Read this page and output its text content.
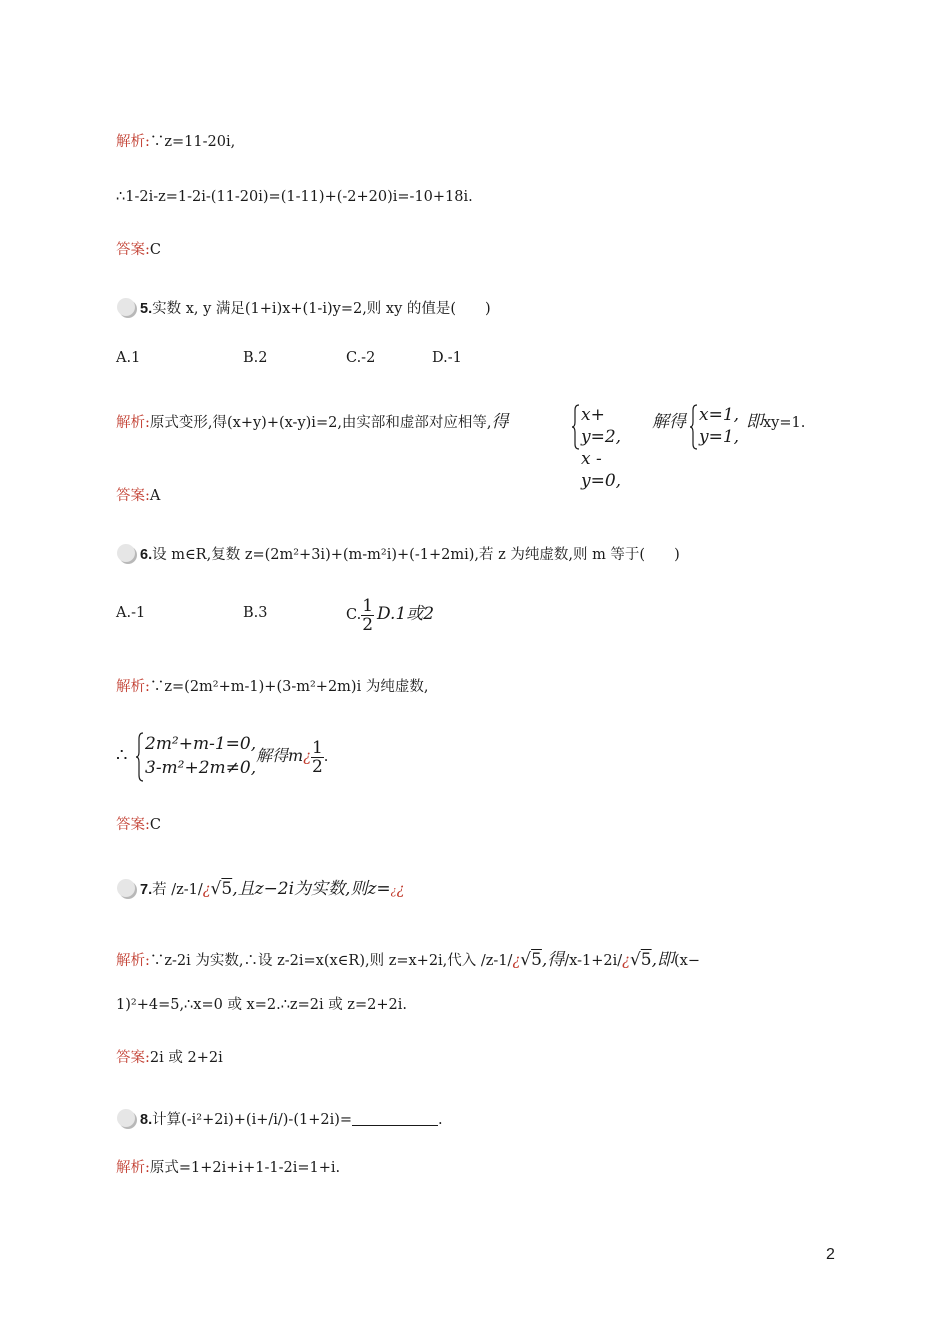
解析:∵z=11-20i,
∴1-2i-z=1-2i-(11-20i)=(1-11)+(-2+20)i=-10+18i.
答案:C
5.实数 x, y 满足(1+i)x+(1-i)y=2,则 xy 的值是(　　)
A.1	B.2	C.-2	D.-1
解析:原式变形,得(x+y)+(x-y)i=2,由实部和虚部对应相等,得	x+ y=2,
x - y=0,
解得 x=1,
y=1,
即xy=1.
答案:A
6.设 m∈R,复数 z=(2m²+3i)+(m-m²i)+(-1+2mi),若 z 为纯虚数,则 m 等于(　　)
A.-1	B.3	C. $\frac{1}{2} D.1$或2
解析:∵z=(2m²+m-1)+(3-m²+2m)i 为纯虚数,
∴
2m²+m-1=0,
3-m²+2m≠0,
解得m¿ $\frac{1}{2}$ .
答案:C
7.若 /z-1/¿√5,且z−2i为实数,则z=¿¿
解析:∵z-2i 为实数,∴设 z-2i=x(x∈R),则 z=x+2i,代入 /z-1/¿√5,得/x-1+2i/¿√5,即(x−
1)²+4=5,∴x=0 或 x=2.∴z=2i 或 z=2+2i.
答案:2i 或 2+2i
8.计算(-i²+2i)+(i+/i/)-(1+2i)=	.
解析:原式=1+2i+i+1-1-2i=1+i.
2
